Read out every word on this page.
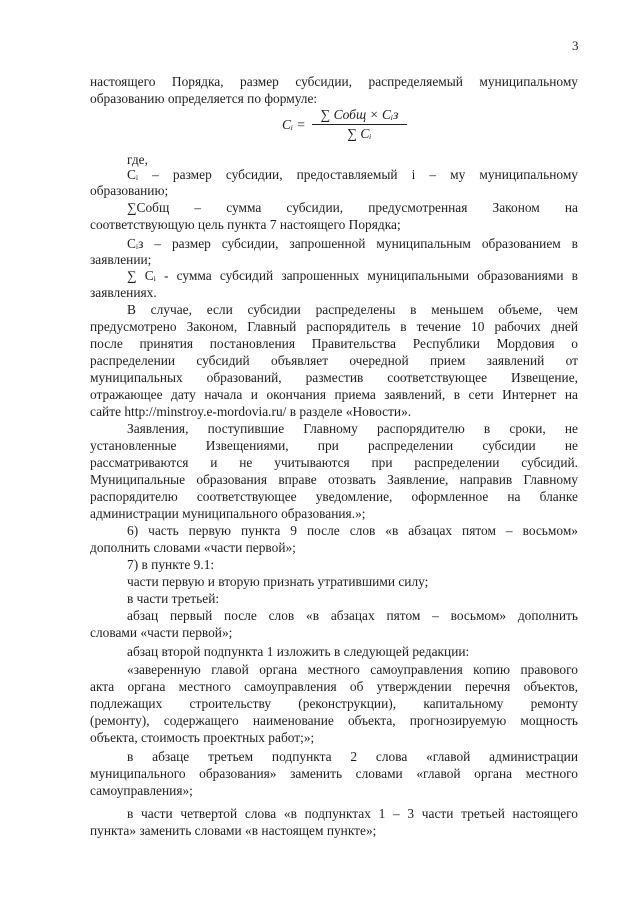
3
Cᵢ =
∑ Cобщ × Cᵢз
∑ Cᵢ
настоящего Порядка, размер субсидии, распределяемый муниципальному
образованию определяется по формуле:
где,
Cᵢ – размер субсидии, предоставляемый i – му муниципальному
образованию;
∑Cобщ – сумма субсидии, предусмотренная Законом на
соответствующую цель пункта 7 настоящего Порядка;
Cᵢз – размер субсидии, запрошенной муниципальным образованием в
заявлении;
∑ Cᵢ - сумма субсидий запрошенных муниципальными образованиями в
заявлениях.
В случае, если субсидии распределены в меньшем объеме, чем
предусмотрено Законом, Главный распорядитель в течение 10 рабочих дней
после принятия постановления Правительства Республики Мордовия о
распределении субсидий объявляет очередной прием заявлений от
муниципальных образований, разместив соответствующее Извещение,
отражающее дату начала и окончания приема заявлений, в сети Интернет на
сайте http://minstroy.e-mordovia.ru/ в разделе «Новости».
Заявления, поступившие Главному распорядителю в сроки, не
установленные Извещениями, при распределении субсидии не
рассматриваются и не учитываются при распределении субсидий.
Муниципальные образования вправе отозвать Заявление, направив Главному
распорядителю соответствующее уведомление, оформленное на бланке
администрации муниципального образования.»;
6) часть первую пункта 9 после слов «в абзацах пятом – восьмом»
дополнить словами «части первой»;
7) в пункте 9.1:
части первую и вторую признать утратившими силу;
в части третьей:
абзац первый после слов «в абзацах пятом – восьмом» дополнить
словами «части первой»;
абзац второй подпункта 1 изложить в следующей редакции:
«заверенную главой органа местного самоуправления копию правового
акта органа местного самоуправления об утверждении перечня объектов,
подлежащих строительству (реконструкции), капитальному ремонту
(ремонту), содержащего наименование объекта, прогнозируемую мощность
объекта, стоимость проектных работ;»;
в абзаце третьем подпункта 2 слова «главой администрации
муниципального образования» заменить словами «главой органа местного
самоуправления»;
в части четвертой слова «в подпунктах 1 – 3 части третьей настоящего
пункта» заменить словами «в настоящем пункте»;
